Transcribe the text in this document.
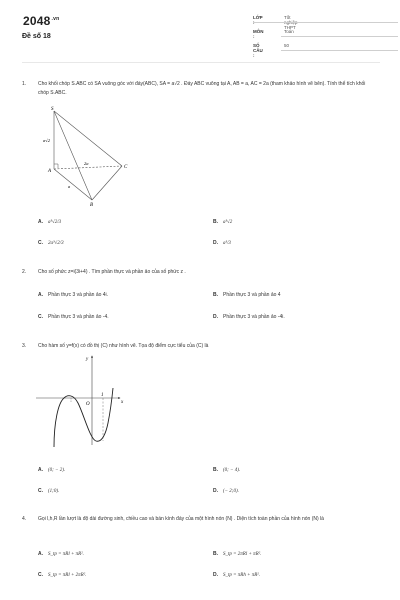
$2048^{.vn}$
Đề số 18
LỚP :
Tốt nghiệp THPT
MÔN :
Toán
SỐ CÂU :
50
1. Cho khối chóp S.ABC có SA vuông góc với đáy(ABC), SA = a√2 . Đáy ABC vuông tại A, AB = a, AC = 2a (tham khảo hình vẽ bên). Tính thể tích khối chóp S.ABC.
S
A
B
C
a√2
2a
a
A. a³√2/3	B. a³√2
C. 2a³√2/3	D. a³/3
2. Cho số phức z=i(3i+4) . Tìm phần thực và phần ảo của số phức z .
A. Phần thực 3 và phần ảo 4i.	B. Phần thực 3 và phần ảo 4
C. Phần thực 3 và phần ảo -4.	D. Phần thực 3 và phần ảo -4i.
3. Cho hàm số y=f(x) có đồ thị (C) như hình vẽ. Tọa độ điểm cực tiểu của (C) là
y
x
O
1
A. (0; − 2).	B. (0; − 4).
C. (1;0).	D. (− 2;0).
4. Gọi l,h,R lần lượt là độ dài đường sinh, chiều cao và bán kính đáy của một hình nón (N) . Diện tích toàn phần của hình nón (N) là
A. S_tp = πRl + πR².	B. S_tp = 2πRl + πR².
C. S_tp = πRl + 2πR².	D. S_tp = πRh + πR².
